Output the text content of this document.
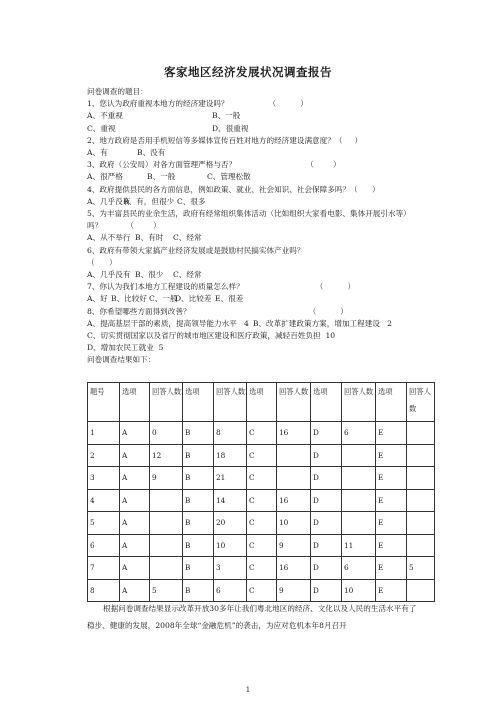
客家地区经济发展状况调查报告
问卷调查的题目：
1、您认为政府重视本地方的经济建设吗？	（          ）
A、不重视	B、一般
C、重视	D、很重视
2、地方政府是否用手机短信等多媒体宣传百姓对地方的经济建设满意度？（     ）
A、有	B、没有
3、政府（公安局）对各方面管理严格与否？	（        ）
A、很严格	B、一般	C、管理松散
4、政府提供县民的各方面信息，例如政策、就业、社会知识、社会保障多吗？（      ）
A、几乎没有B、有，但很少 C、很多
5、为丰富县民的业余生活，政府有经常组织集体活动（比如组织大家看电影、集体开展引水等）吗？	（        ）
A、从不举行 B、有时 C、经常
6、政府有带领大家搞产业经济发展或是鼓励村民搞实体产业吗？
（      ）
A、几乎没有 B、很少 C、经常
7、你认为我们本地方工程建设的质量怎么样？	（          ）
A、好 B、比较好 C、一般D、比较差 E、很差
8、你希望哪些方面得到改善？	（          ）
A、提高基层干部的素质，提高领导能力水平   4 B、改革扩建政策方案，增加工程建设   2
C、切实贯彻国家以及省厅的城市地区建设和医疗政策，减轻百姓负担  10
D、增加农民工就业  5
问卷调查结果如下：
题号	选项	回答人数	选项	回答人数	选项	回答人数	选项	回答人数	选项	回答人数

1	A	0	B	8	C	16	D	6	E	
2	A	12	B	18	C		D		E	
3	A	9	B	21	C		D		E	
4	A		B	14	C	16	D		E	
5	A		B	20	C	10	D		E	
6	A		B	10	C	9	D	11	E	
7	A		B	3	C	16	D	6	E	5
8	A	5	B	6	C	9	D	10	E	
根据问卷调查结果显示改革开放30多年让我们粤北地区的经济、文化以及人民的生活水平有了稳步、健康的发展，2008年全球“金融危机”的袭击，为应对危机本年8月召开
1
